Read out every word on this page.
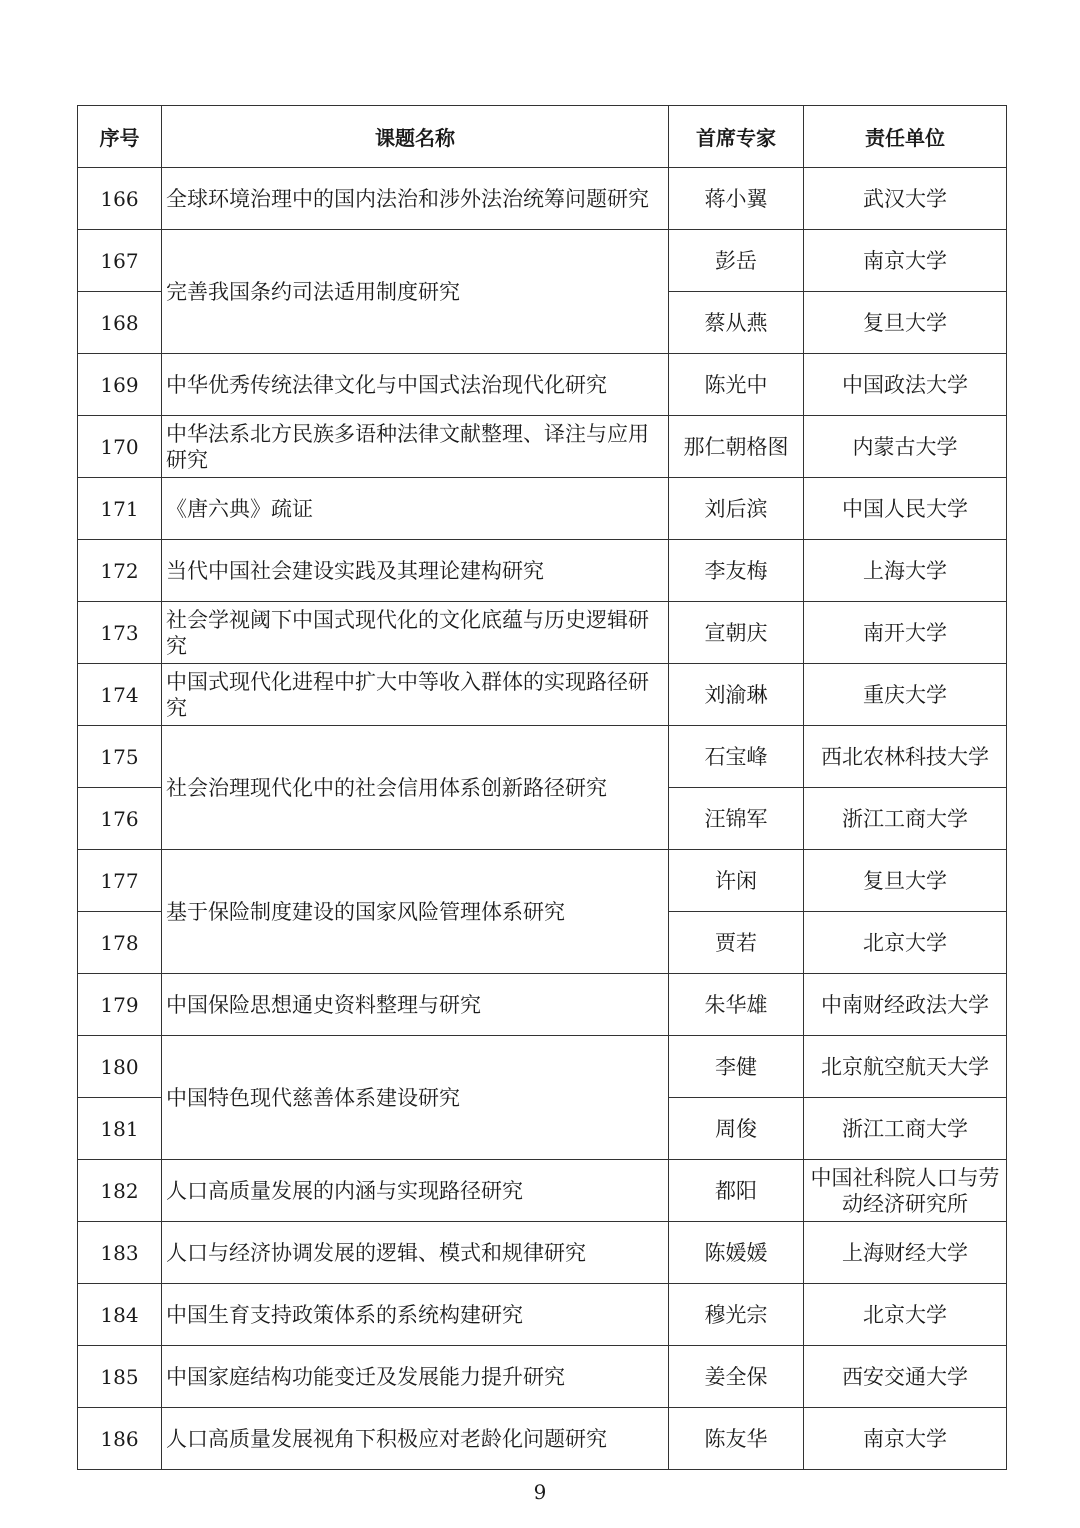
序号	课题名称	首席专家	责任单位
166	全球环境治理中的国内法治和涉外法治统筹问题研究	蒋小翼	武汉大学
167	完善我国条约司法适用制度研究	彭岳	南京大学
168		蔡从燕	复旦大学
169	中华优秀传统法律文化与中国式法治现代化研究	陈光中	中国政法大学
170	中华法系北方民族多语种法律文献整理、译注与应用研究	那仁朝格图	内蒙古大学
171	《唐六典》疏证	刘后滨	中国人民大学
172	当代中国社会建设实践及其理论建构研究	李友梅	上海大学
173	社会学视阈下中国式现代化的文化底蕴与历史逻辑研究	宣朝庆	南开大学
174	中国式现代化进程中扩大中等收入群体的实现路径研究	刘渝琳	重庆大学
175	社会治理现代化中的社会信用体系创新路径研究	石宝峰	西北农林科技大学
176		汪锦军	浙江工商大学
177	基于保险制度建设的国家风险管理体系研究	许闲	复旦大学
178		贾若	北京大学
179	中国保险思想通史资料整理与研究	朱华雄	中南财经政法大学
180	中国特色现代慈善体系建设研究	李健	北京航空航天大学
181		周俊	浙江工商大学
182	人口高质量发展的内涵与实现路径研究	都阳	中国社科院人口与劳动经济研究所
183	人口与经济协调发展的逻辑、模式和规律研究	陈媛媛	上海财经大学
184	中国生育支持政策体系的系统构建研究	穆光宗	北京大学
185	中国家庭结构功能变迁及发展能力提升研究	姜全保	西安交通大学
186	人口高质量发展视角下积极应对老龄化问题研究	陈友华	南京大学
9
